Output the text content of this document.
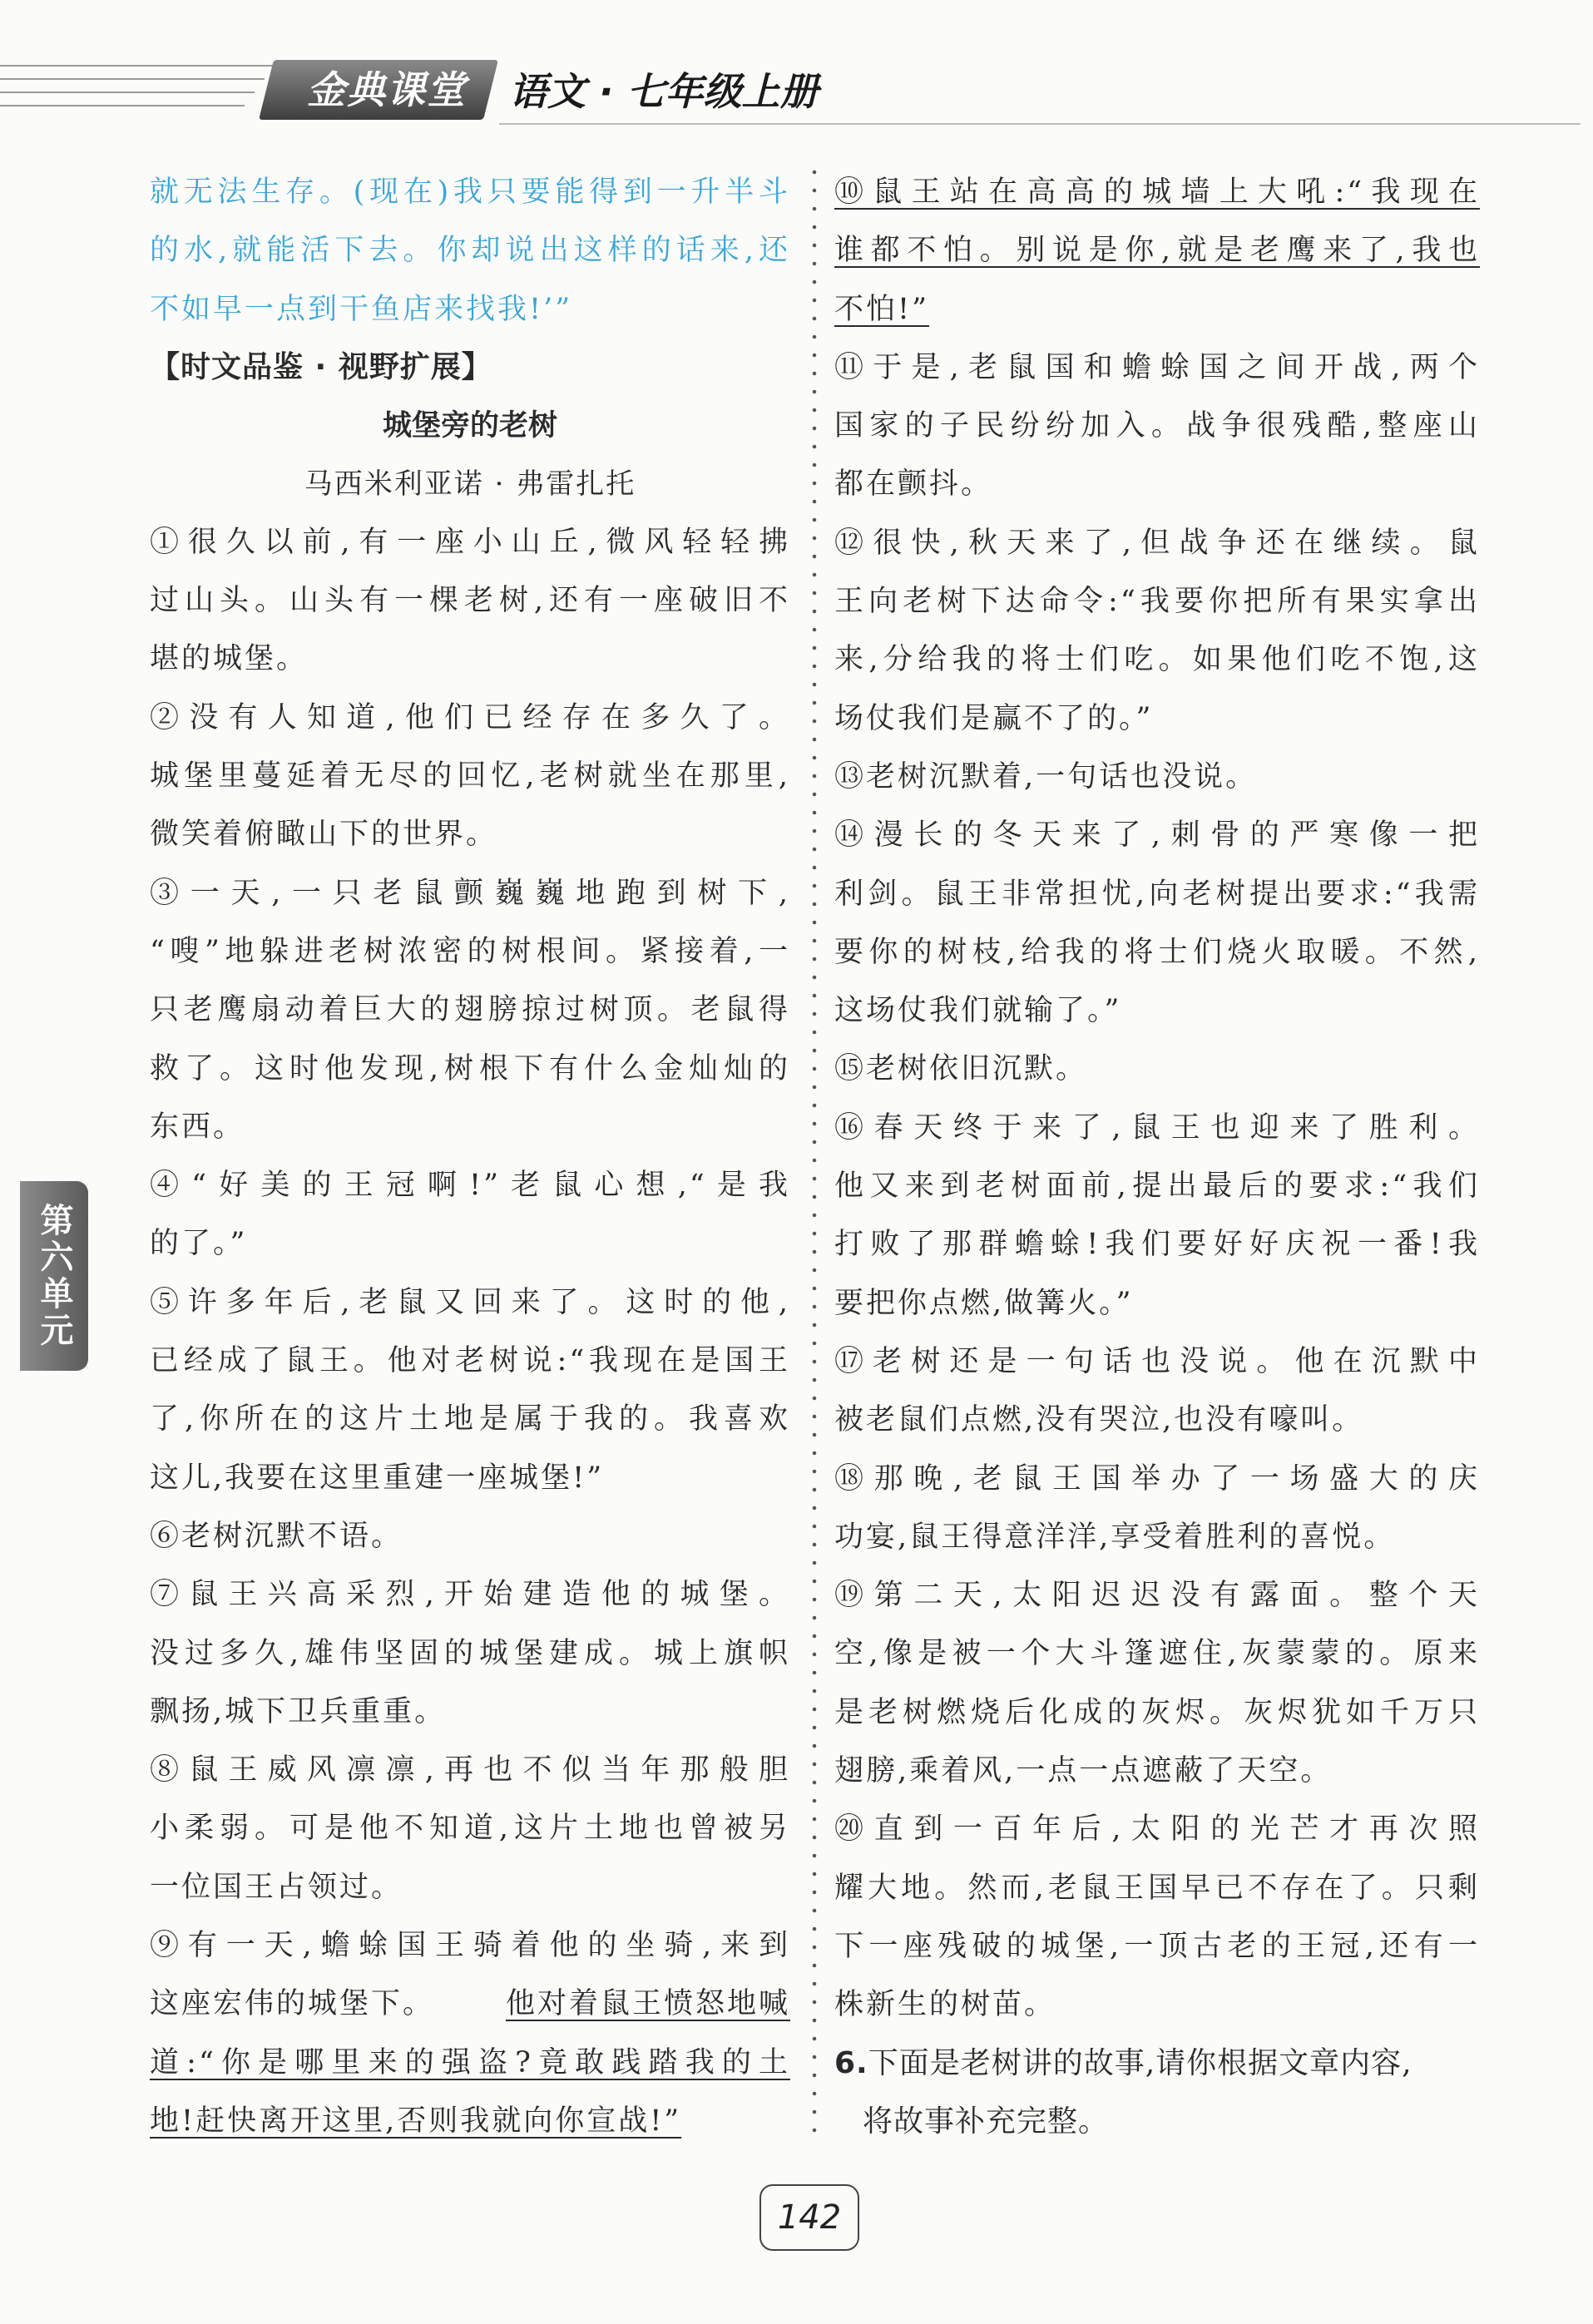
金典课堂	语文 · 七年级上册
第六单元
就无法生存。(现在)我只要能得到一升半斗
的水,就能活下去。你却说出这样的话来,还
不如早一点到干鱼店来找我!’”
【时文品鉴 · 视野扩展】
城堡旁的老树
马西米利亚诺 · 弗雷扎托
①很久以前,有一座小山丘,微风轻轻拂
过山头。山头有一棵老树,还有一座破旧不
堪的城堡。
②没有人知道,他们已经存在多久了。
城堡里蔓延着无尽的回忆,老树就坐在那里,
微笑着俯瞰山下的世界。
③一天,一只老鼠颤巍巍地跑到树下,
“嗖”地躲进老树浓密的树根间。紧接着,一
只老鹰扇动着巨大的翅膀掠过树顶。老鼠得
救了。这时他发现,树根下有什么金灿灿的
东西。
④“好美的王冠啊!”老鼠心想,“是我
的了。”
⑤许多年后,老鼠又回来了。这时的他,
已经成了鼠王。他对老树说:“我现在是国王
了,你所在的这片土地是属于我的。我喜欢
这儿,我要在这里重建一座城堡!”
⑥老树沉默不语。
⑦鼠王兴高采烈,开始建造他的城堡。
没过多久,雄伟坚固的城堡建成。城上旗帜
飘扬,城下卫兵重重。
⑧鼠王威风凛凛,再也不似当年那般胆
小柔弱。可是他不知道,这片土地也曾被另
一位国王占领过。
⑨有一天,蟾蜍国王骑着他的坐骑,来到
这座宏伟的城堡下。 他对着鼠王愤怒地喊
道:“你是哪里来的强盗?竟敢践踏我的土
地!赶快离开这里,否则我就向你宣战!”
⑩鼠王站在高高的城墙上大吼:“我现在
谁都不怕。别说是你,就是老鹰来了,我也
不怕!”
⑪于是,老鼠国和蟾蜍国之间开战,两个
国家的子民纷纷加入。战争很残酷,整座山
都在颤抖。
⑫很快,秋天来了,但战争还在继续。鼠
王向老树下达命令:“我要你把所有果实拿出
来,分给我的将士们吃。如果他们吃不饱,这
场仗我们是赢不了的。”
⑬老树沉默着,一句话也没说。
⑭漫长的冬天来了,刺骨的严寒像一把
利剑。鼠王非常担忧,向老树提出要求:“我需
要你的树枝,给我的将士们烧火取暖。不然,
这场仗我们就输了。”
⑮老树依旧沉默。
⑯春天终于来了,鼠王也迎来了胜利。
他又来到老树面前,提出最后的要求:“我们
打败了那群蟾蜍!我们要好好庆祝一番!我
要把你点燃,做篝火。”
⑰老树还是一句话也没说。他在沉默中
被老鼠们点燃,没有哭泣,也没有嚎叫。
⑱那晚,老鼠王国举办了一场盛大的庆
功宴,鼠王得意洋洋,享受着胜利的喜悦。
⑲第二天,太阳迟迟没有露面。整个天
空,像是被一个大斗篷遮住,灰蒙蒙的。原来
是老树燃烧后化成的灰烬。灰烬犹如千万只
翅膀,乘着风,一点一点遮蔽了天空。
⑳直到一百年后,太阳的光芒才再次照
耀大地。然而,老鼠王国早已不存在了。只剩
下一座残破的城堡,一顶古老的王冠,还有一
株新生的树苗。
6.下面是老树讲的故事,请你根据文章内容,
将故事补充完整。
142
